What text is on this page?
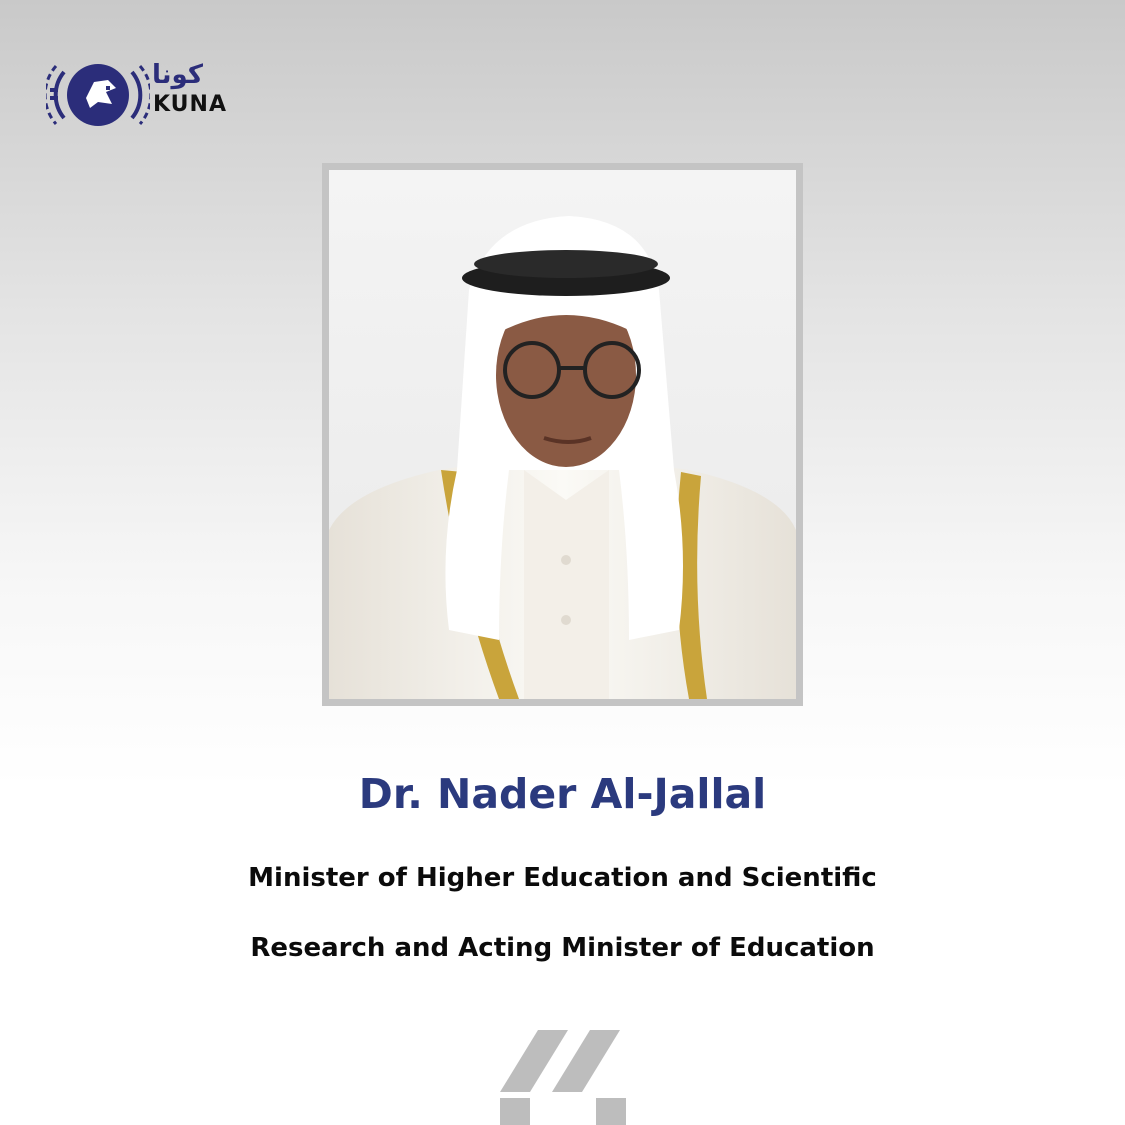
كونا
KUNA
Dr. Nader Al-Jallal
Minister of Higher Education and Scientific
Research and Acting Minister of Education
